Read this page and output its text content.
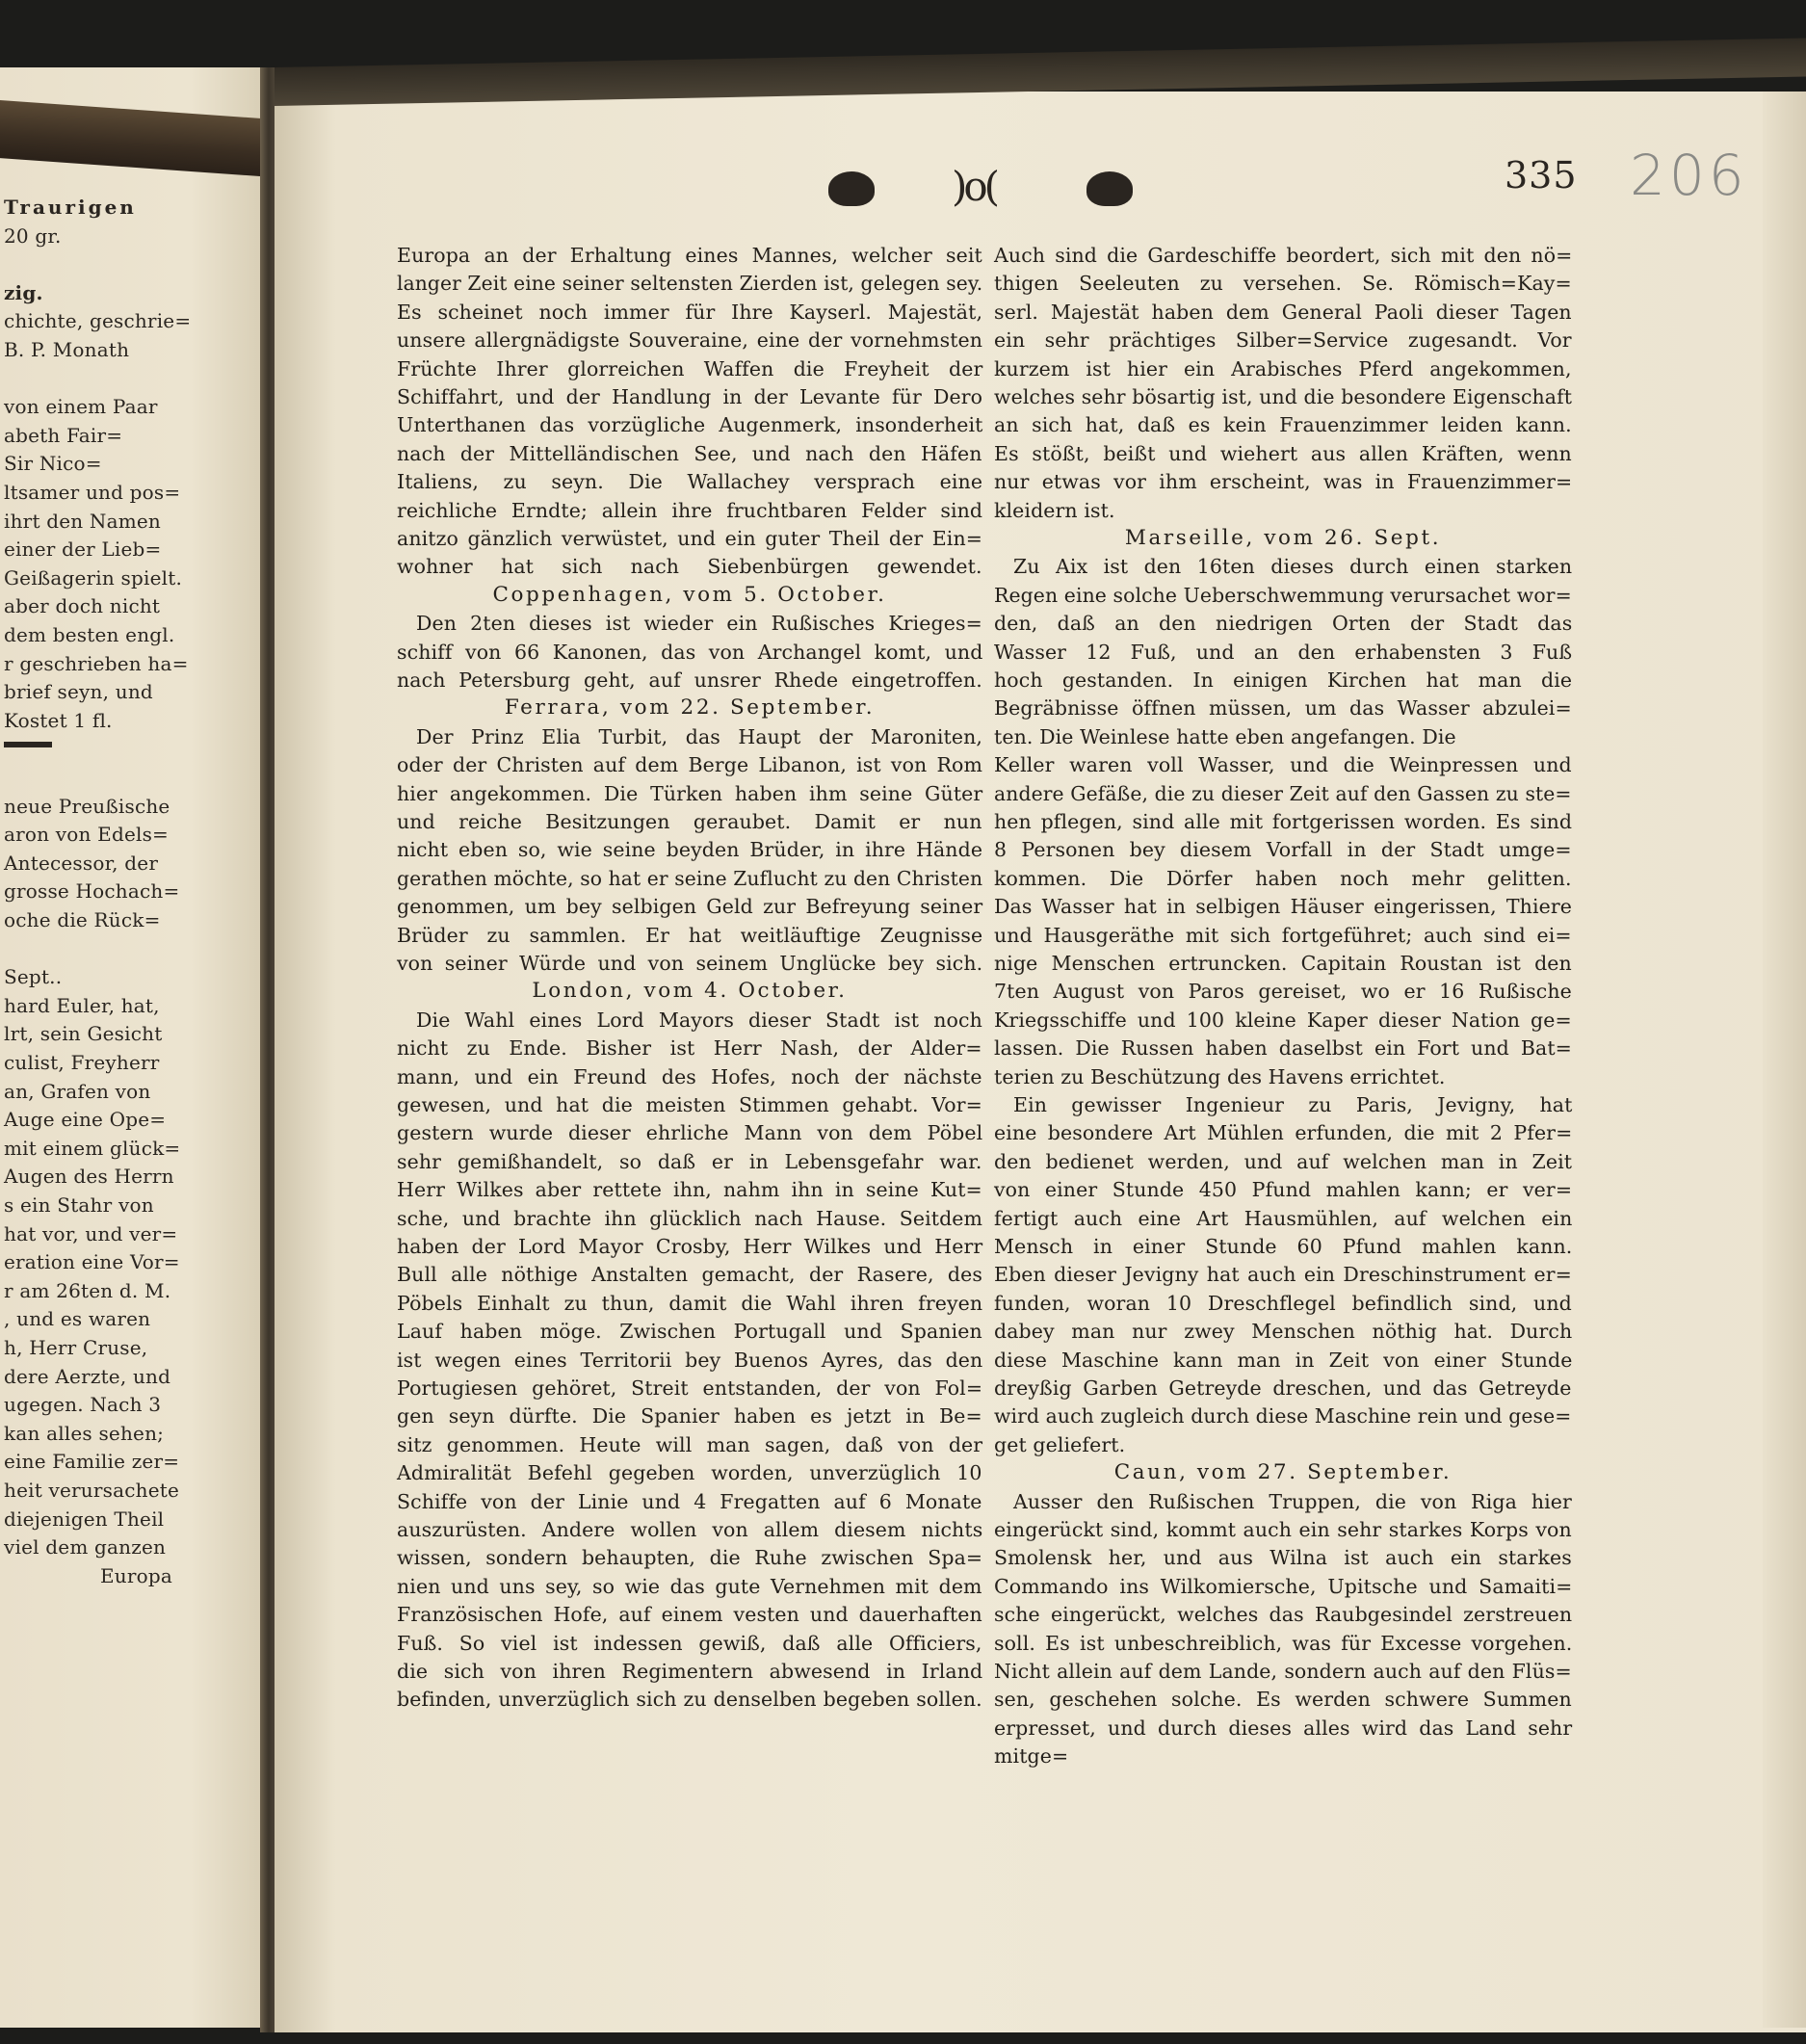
Traurigen
20 gr.
zig.
chichte, geschrie=
B. P. Monath
von einem Paar
abeth Fair=
Sir Nico=
ltsamer und pos=
ihrt den Namen
einer der Lieb=
Geißagerin spielt.
aber doch nicht
dem besten engl.
r geschrieben ha=
brief seyn, und
Kostet 1 fl.
neue Preußische
aron von Edels=
Antecessor, der
grosse Hochach=
oche die Rück=
Sept..
hard Euler, hat,
lrt, sein Gesicht
culist, Freyherr
an, Grafen von
Auge eine Ope=
mit einem glück=
Augen des Herrn
s ein Stahr von
hat vor, und ver=
eration eine Vor=
r am 26ten d. M.
, und es waren
h, Herr Cruse,
dere Aerzte, und
ugegen. Nach 3
kan alles sehen;
eine Familie zer=
heit verursachete
diejenigen Theil
viel dem ganzen
Europa
)o(	335 206
Europa an der Erhaltung eines Mannes, welcher seit
langer Zeit eine seiner seltensten Zierden ist, gelegen sey.
Es scheinet noch immer für Ihre Kayserl. Majestät,
unsere allergnädigste Souveraine, eine der vornehmsten
Früchte Ihrer glorreichen Waffen die Freyheit der
Schiffahrt, und der Handlung in der Levante für Dero
Unterthanen das vorzügliche Augenmerk, insonderheit
nach der Mittelländischen See, und nach den Häfen
Italiens, zu seyn. Die Wallachey versprach eine
reichliche Erndte; allein ihre fruchtbaren Felder sind
anitzo gänzlich verwüstet, und ein guter Theil der Ein=
wohner hat sich nach Siebenbürgen gewendet.
Coppenhagen, vom 5. October.
Den 2ten dieses ist wieder ein Rußisches Krieges=
schiff von 66 Kanonen, das von Archangel komt, und
nach Petersburg geht, auf unsrer Rhede eingetroffen.
Ferrara, vom 22. September.
Der Prinz Elia Turbit, das Haupt der Maroniten,
oder der Christen auf dem Berge Libanon, ist von Rom
hier angekommen. Die Türken haben ihm seine Güter
und reiche Besitzungen geraubet. Damit er nun
nicht eben so, wie seine beyden Brüder, in ihre Hände
gerathen möchte, so hat er seine Zuflucht zu den Christen
genommen, um bey selbigen Geld zur Befreyung seiner
Brüder zu sammlen. Er hat weitläuftige Zeugnisse
von seiner Würde und von seinem Unglücke bey sich.
London, vom 4. October.
Die Wahl eines Lord Mayors dieser Stadt ist noch
nicht zu Ende. Bisher ist Herr Nash, der Alder=
mann, und ein Freund des Hofes, noch der nächste
gewesen, und hat die meisten Stimmen gehabt. Vor=
gestern wurde dieser ehrliche Mann von dem Pöbel
sehr gemißhandelt, so daß er in Lebensgefahr war.
Herr Wilkes aber rettete ihn, nahm ihn in seine Kut=
sche, und brachte ihn glücklich nach Hause. Seitdem
haben der Lord Mayor Crosby, Herr Wilkes und Herr
Bull alle nöthige Anstalten gemacht, der Rasere, des
Pöbels Einhalt zu thun, damit die Wahl ihren freyen
Lauf haben möge. Zwischen Portugall und Spanien
ist wegen eines Territorii bey Buenos Ayres, das den
Portugiesen gehöret, Streit entstanden, der von Fol=
gen seyn dürfte. Die Spanier haben es jetzt in Be=
sitz genommen. Heute will man sagen, daß von der
Admiralität Befehl gegeben worden, unverzüglich 10
Schiffe von der Linie und 4 Fregatten auf 6 Monate
auszurüsten. Andere wollen von allem diesem nichts
wissen, sondern behaupten, die Ruhe zwischen Spa=
nien und uns sey, so wie das gute Vernehmen mit dem
Französischen Hofe, auf einem vesten und dauerhaften
Fuß. So viel ist indessen gewiß, daß alle Officiers,
die sich von ihren Regimentern abwesend in Irland
befinden, unverzüglich sich zu denselben begeben sollen.
Auch sind die Gardeschiffe beordert, sich mit den nö=
thigen Seeleuten zu versehen. Se. Römisch=Kay=
serl. Majestät haben dem General Paoli dieser Tagen
ein sehr prächtiges Silber=Service zugesandt. Vor
kurzem ist hier ein Arabisches Pferd angekommen,
welches sehr bösartig ist, und die besondere Eigenschaft
an sich hat, daß es kein Frauenzimmer leiden kann.
Es stößt, beißt und wiehert aus allen Kräften, wenn
nur etwas vor ihm erscheint, was in Frauenzimmer=
kleidern ist.
Marseille, vom 26. Sept.
Zu Aix ist den 16ten dieses durch einen starken
Regen eine solche Ueberschwemmung verursachet wor=
den, daß an den niedrigen Orten der Stadt das
Wasser 12 Fuß, und an den erhabensten 3 Fuß
hoch gestanden. In einigen Kirchen hat man die
Begräbnisse öffnen müssen, um das Wasser abzulei=
ten. Die Weinlese hatte eben angefangen. Die
Keller waren voll Wasser, und die Weinpressen und
andere Gefäße, die zu dieser Zeit auf den Gassen zu ste=
hen pflegen, sind alle mit fortgerissen worden. Es sind
8 Personen bey diesem Vorfall in der Stadt umge=
kommen. Die Dörfer haben noch mehr gelitten.
Das Wasser hat in selbigen Häuser eingerissen, Thiere
und Hausgeräthe mit sich fortgeführet; auch sind ei=
nige Menschen ertruncken. Capitain Roustan ist den
7ten August von Paros gereiset, wo er 16 Rußische
Kriegsschiffe und 100 kleine Kaper dieser Nation ge=
lassen. Die Russen haben daselbst ein Fort und Bat=
terien zu Beschützung des Havens errichtet.
Ein gewisser Ingenieur zu Paris, Jevigny, hat
eine besondere Art Mühlen erfunden, die mit 2 Pfer=
den bedienet werden, und auf welchen man in Zeit
von einer Stunde 450 Pfund mahlen kann; er ver=
fertigt auch eine Art Hausmühlen, auf welchen ein
Mensch in einer Stunde 60 Pfund mahlen kann.
Eben dieser Jevigny hat auch ein Dreschinstrument er=
funden, woran 10 Dreschflegel befindlich sind, und
dabey man nur zwey Menschen nöthig hat. Durch
diese Maschine kann man in Zeit von einer Stunde
dreyßig Garben Getreyde dreschen, und das Getreyde
wird auch zugleich durch diese Maschine rein und gese=
get geliefert.
Caun, vom 27. September.
Ausser den Rußischen Truppen, die von Riga hier
eingerückt sind, kommt auch ein sehr starkes Korps von
Smolensk her, und aus Wilna ist auch ein starkes
Commando ins Wilkomiersche, Upitsche und Samaiti=
sche eingerückt, welches das Raubgesindel zerstreuen
soll. Es ist unbeschreiblich, was für Excesse vorgehen.
Nicht allein auf dem Lande, sondern auch auf den Flüs=
sen, geschehen solche. Es werden schwere Summen
erpresset, und durch dieses alles wird das Land sehr
mitge=
